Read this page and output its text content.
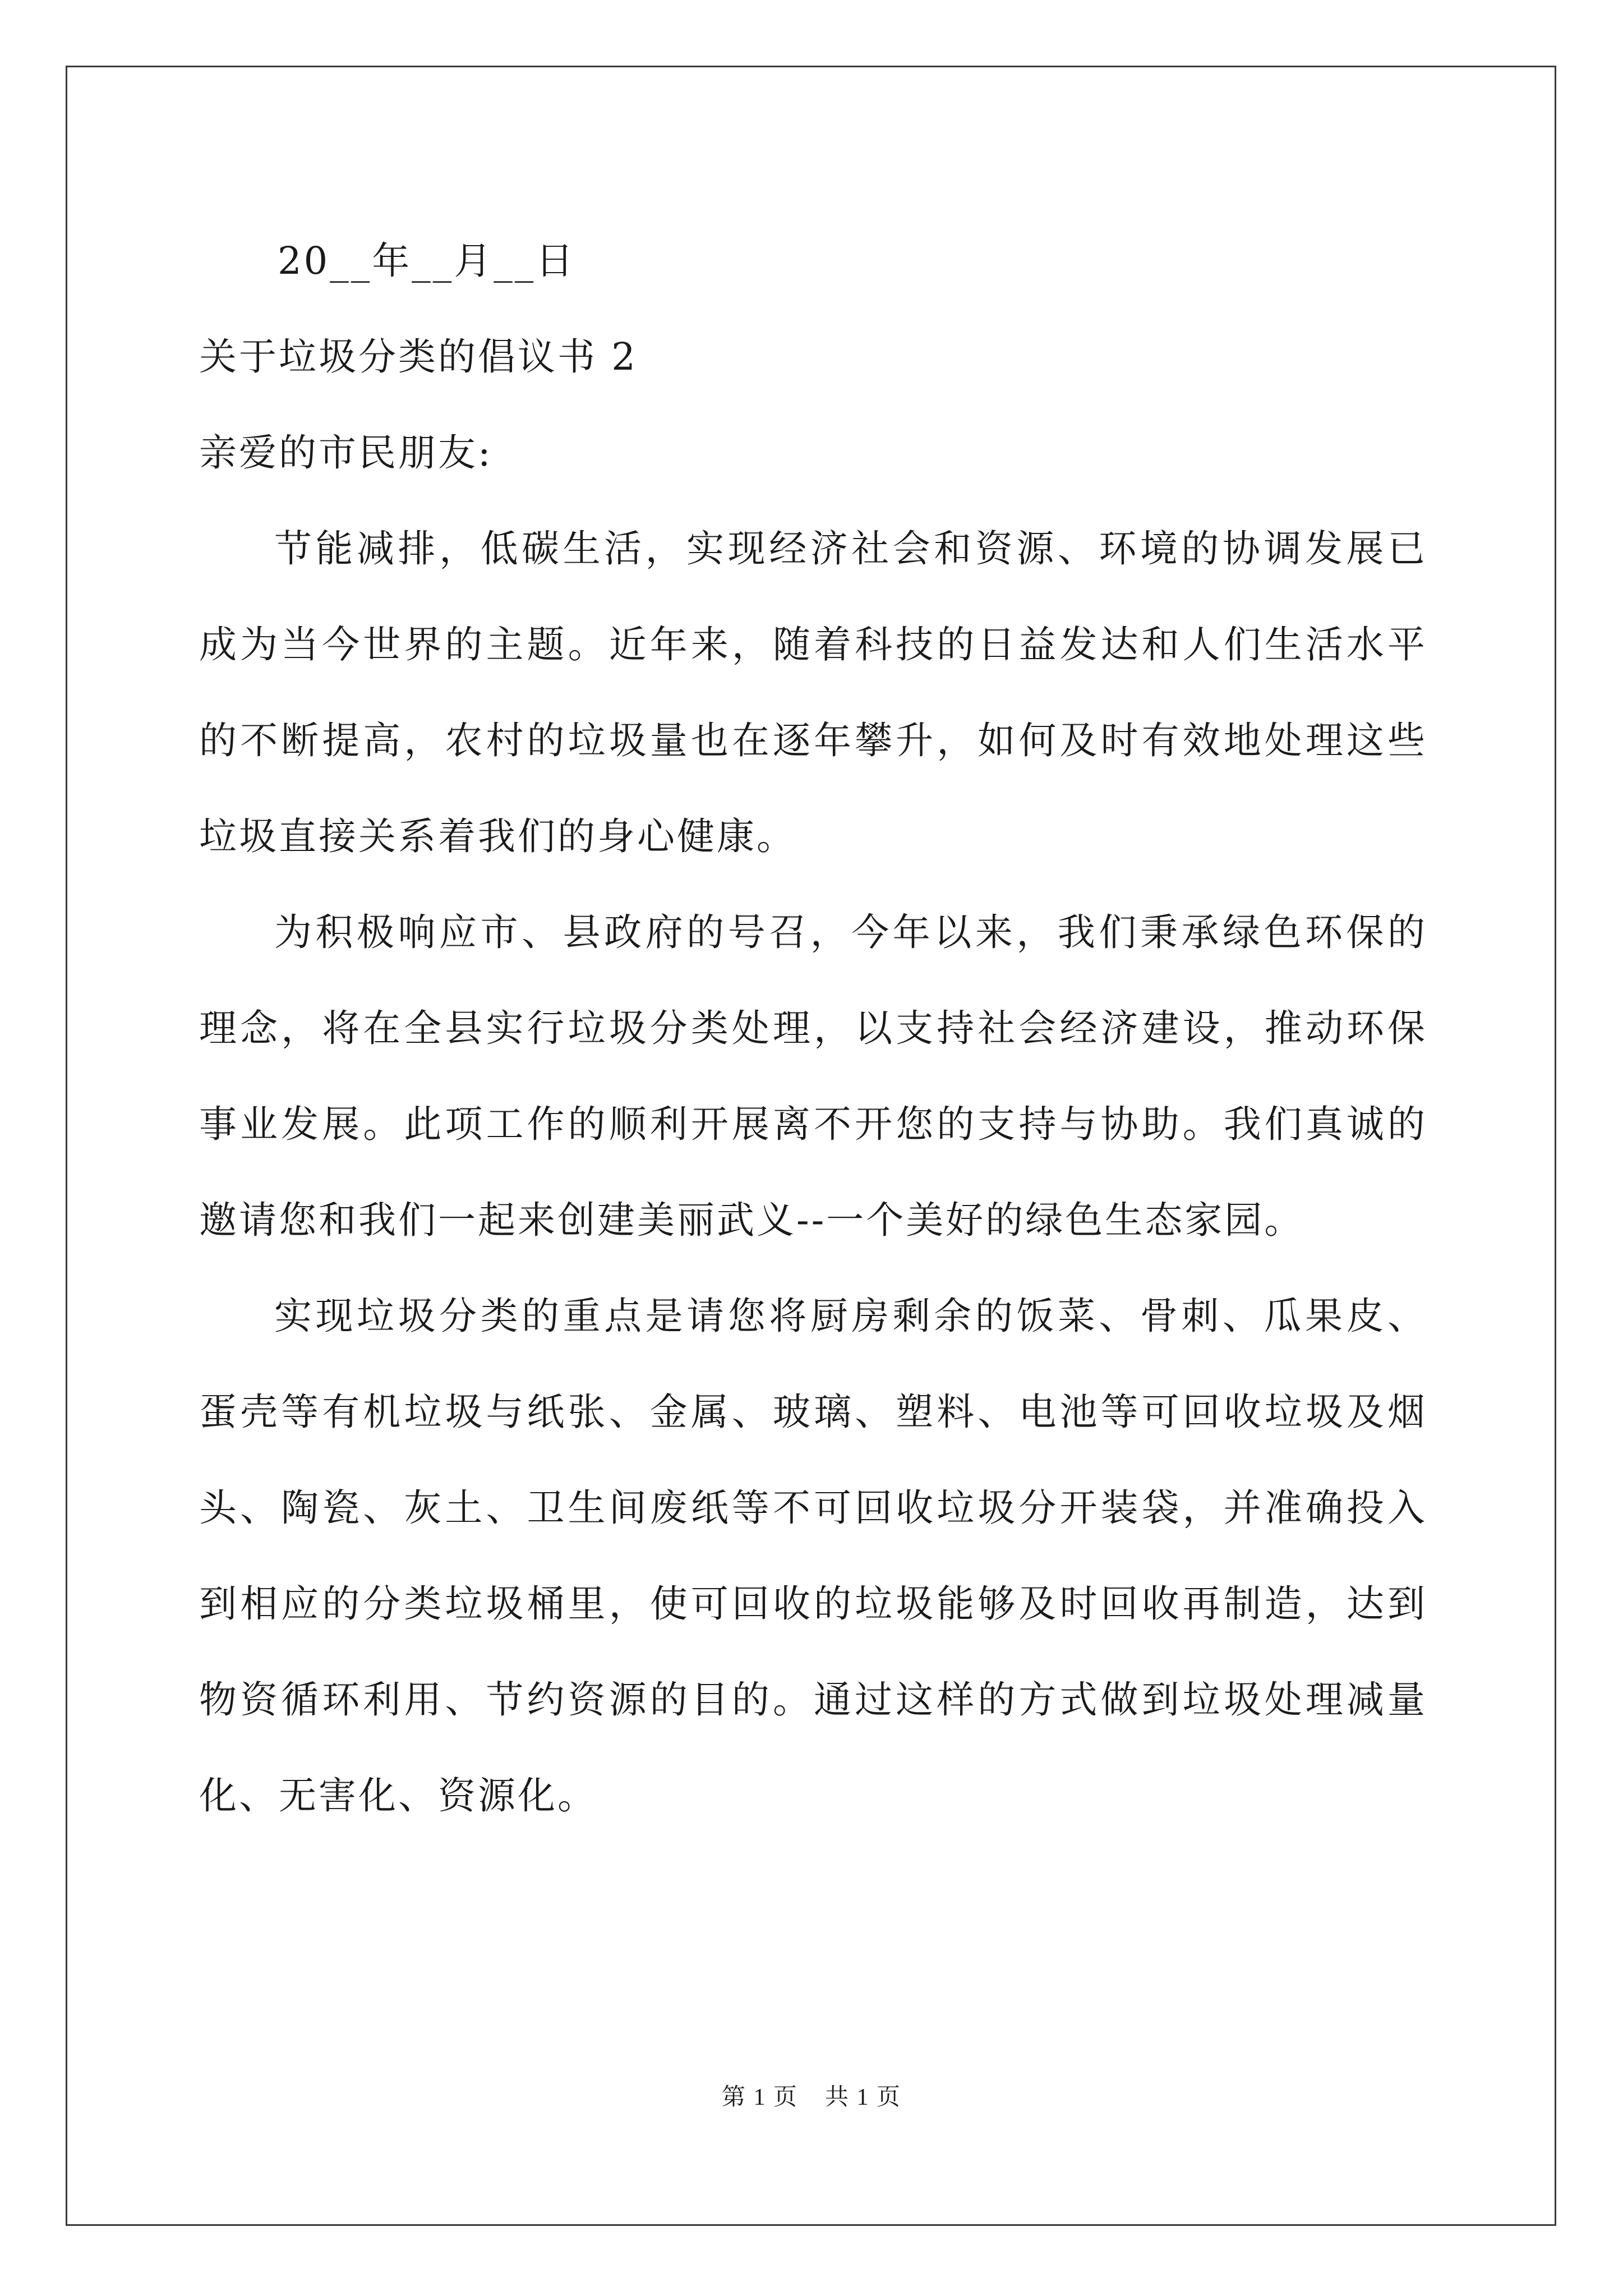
20__年__月__日

关于垃圾分类的倡议书 2

亲爱的市民朋友:

节能减排，低碳生活，实现经济社会和资源、环境的协调发展已成为当今世界的主题。近年来，随着科技的日益发达和人们生活水平的不断提高，农村的垃圾量也在逐年攀升，如何及时有效地处理这些垃圾直接关系着我们的身心健康。

为积极响应市、县政府的号召，今年以来，我们秉承绿色环保的理念，将在全县实行垃圾分类处理，以支持社会经济建设，推动环保事业发展。此项工作的顺利开展离不开您的支持与协助。我们真诚的邀请您和我们一起来创建美丽武义--一个美好的绿色生态家园。

实现垃圾分类的重点是请您将厨房剩余的饭菜、骨刺、瓜果皮、蛋壳等有机垃圾与纸张、金属、玻璃、塑料、电池等可回收垃圾及烟头、陶瓷、灰土、卫生间废纸等不可回收垃圾分开装袋，并准确投入到相应的分类垃圾桶里，使可回收的垃圾能够及时回收再制造，达到物资循环利用、节约资源的目的。通过这样的方式做到垃圾处理减量化、无害化、资源化。

第 1 页 共 1 页
